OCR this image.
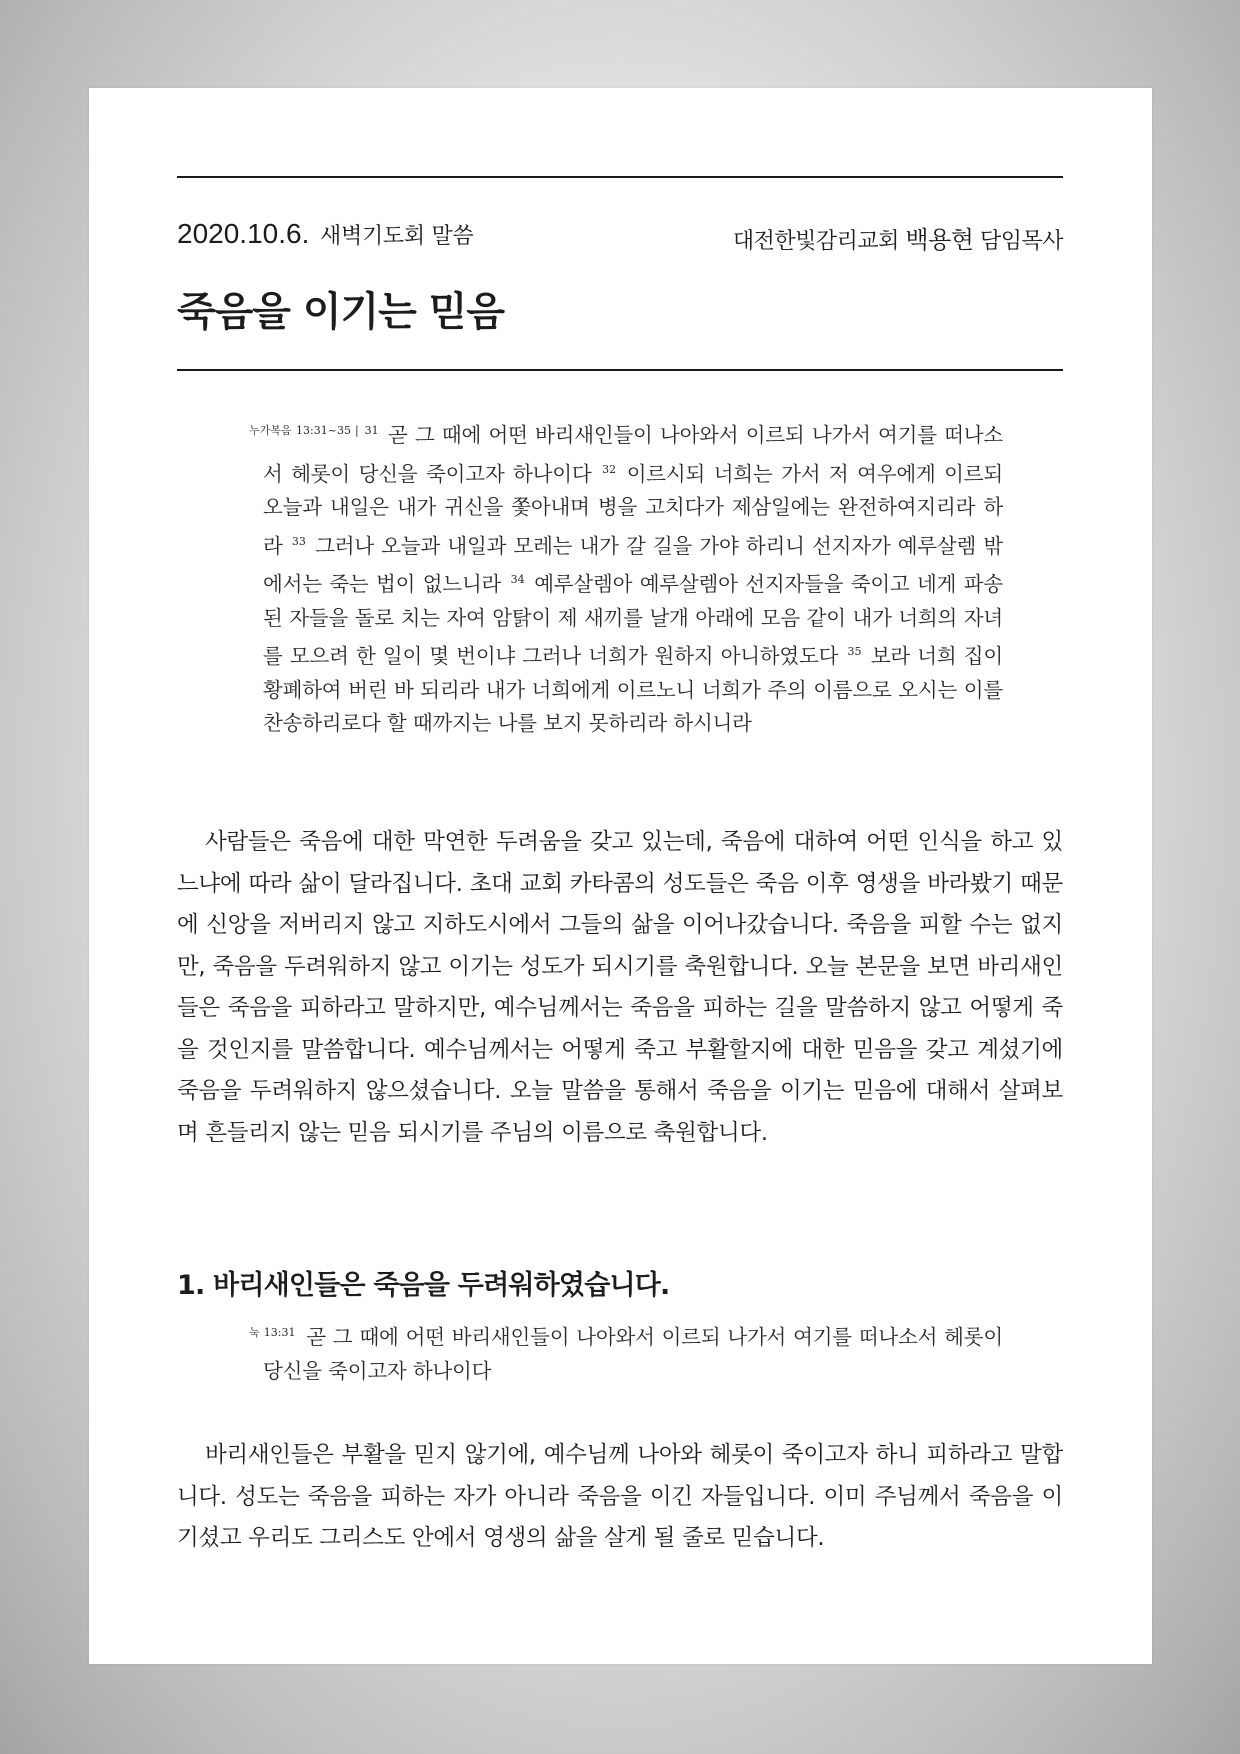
2020.10.6. 새벽기도회 말씀	대전한빛감리교회 백용현 담임목사
죽음을 이기는 믿음
$^{누가복음 13:31\sim 35}$ | $^{31}$ 곧 그 때에 어떤 바리새인들이 나아와서 이르되 나가서 여기를 떠나소서 헤롯이 당신을 죽이고자 하나이다 $^{32}$ 이르시되 너희는 가서 저 여우에게 이르되 오늘과 내일은 내가 귀신을 쫓아내며 병을 고치다가 제삼일에는 완전하여지리라 하라 $^{33}$ 그러나 오늘과 내일과 모레는 내가 갈 길을 가야 하리니 선지자가 예루살렘 밖에서는 죽는 법이 없느니라 $^{34}$ 예루살렘아 예루살렘아 선지자들을 죽이고 네게 파송된 자들을 돌로 치는 자여 암탉이 제 새끼를 날개 아래에 모음 같이 내가 너희의 자녀를 모으려 한 일이 몇 번이냐 그러나 너희가 원하지 아니하였도다 $^{35}$ 보라 너희 집이 황폐하여 버린 바 되리라 내가 너희에게 이르노니 너희가 주의 이름으로 오시는 이를 찬송하리로다 할 때까지는 나를 보지 못하리라 하시니라

사람들은 죽음에 대한 막연한 두려움을 갖고 있는데, 죽음에 대하여 어떤 인식을 하고 있느냐에 따라 삶이 달라집니다. 초대 교회 카타콤의 성도들은 죽음 이후 영생을 바라봤기 때문에 신앙을 저버리지 않고 지하도시에서 그들의 삶을 이어나갔습니다. 죽음을 피할 수는 없지만, 죽음을 두려워하지 않고 이기는 성도가 되시기를 축원합니다. 오늘 본문을 보면 바리새인들은 죽음을 피하라고 말하지만, 예수님께서는 죽음을 피하는 길을 말씀하지 않고 어떻게 죽을 것인지를 말씀합니다. 예수님께서는 어떻게 죽고 부활할지에 대한 믿음을 갖고 계셨기에 죽음을 두려워하지 않으셨습니다. 오늘 말씀을 통해서 죽음을 이기는 믿음에 대해서 살펴보며 흔들리지 않는 믿음 되시기를 주님의 이름으로 축원합니다.

1. 바리새인들은 죽음을 두려워하였습니다.
$^{눅 13:31}$ 곧 그 때에 어떤 바리새인들이 나아와서 이르되 나가서 여기를 떠나소서 헤롯이 당신을 죽이고자 하나이다

바리새인들은 부활을 믿지 않기에, 예수님께 나아와 헤롯이 죽이고자 하니 피하라고 말합니다. 성도는 죽음을 피하는 자가 아니라 죽음을 이긴 자들입니다. 이미 주님께서 죽음을 이기셨고 우리도 그리스도 안에서 영생의 삶을 살게 될 줄로 믿습니다.
